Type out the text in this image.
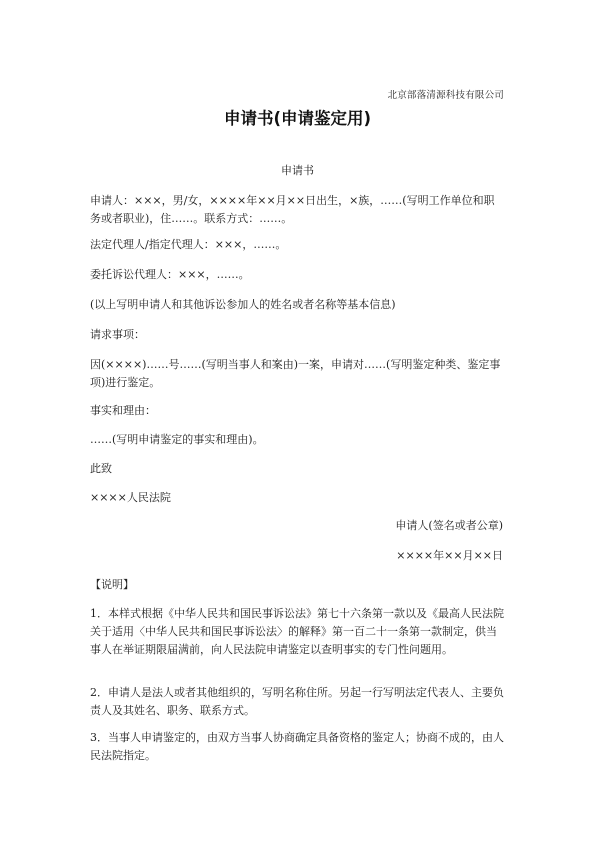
北京部落清源科技有限公司
申请书(申请鉴定用)
申请书
申请人：×××，男/女，××××年××月××日出生，×族，……(写明工作单位和职务或者职业)，住……。联系方式：……。
法定代理人/指定代理人：×××，……。
委托诉讼代理人：×××，……。
(以上写明申请人和其他诉讼参加人的姓名或者名称等基本信息)
请求事项：
因(××××)……号……(写明当事人和案由)一案，申请对……(写明鉴定种类、鉴定事项)进行鉴定。
事实和理由：
……(写明申请鉴定的事实和理由)。
此致
××××人民法院
申请人(签名或者公章)
××××年××月××日
【说明】
1．本样式根据《中华人民共和国民事诉讼法》第七十六条第一款以及《最高人民法院关于适用〈中华人民共和国民事诉讼法〉的解释》第一百二十一条第一款制定，供当事人在举证期限届满前，向人民法院申请鉴定以查明事实的专门性问题用。
2．申请人是法人或者其他组织的，写明名称住所。另起一行写明法定代表人、主要负责人及其姓名、职务、联系方式。
3．当事人申请鉴定的，由双方当事人协商确定具备资格的鉴定人；协商不成的，由人民法院指定。
